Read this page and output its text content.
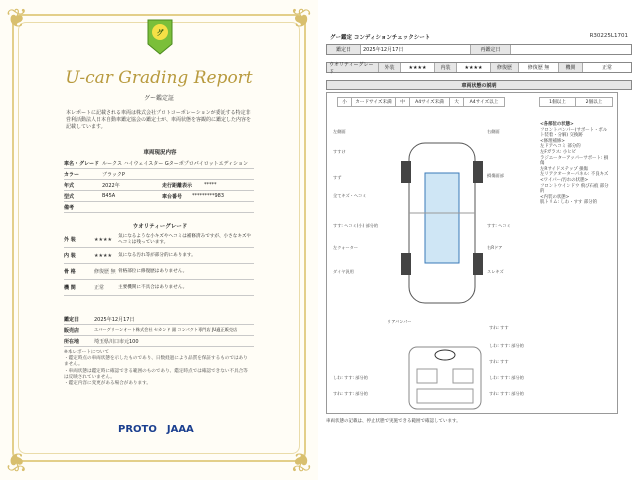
❦	❦
❦	❦
グ
U-car Grading Report
グー鑑定証
本レポートに記載される車両は株式会社プロトコーポレーションが委託する特定非営利活動法人日本自動車鑑定協会の鑑定士が、車両状態を客観的に鑑定した内容を記載しています。
車両現況内容
車名・グレード ルークス ハイウェイスター Gターボプロパイロットエディション
カラー	ブラックP
年式	2022年	走行距離表示	*****
型式	B45A	車台番号	*********983
備考
ウオリティーグレード
外 装	★★★★	気になるような小キズやヘコミは補修済みですが、小さなキズやヘコミは残っています。
内 装	★★★★	気になる汚れ等が部分的にあります。
骨 格	修復歴 無 骨格部位に修復歴はありません。
機 関	正常	主要機関に不具合はありません。
鑑定日	2025年12月17日
販売店	エバーグリーンオート株式会社 セカンド 鋸 コンパクト専門店 JU適正販売店
所在地	埼玉県川口市元100
※本レポートについて
・鑑定時点の車両状態を示したものであり、日数経過により品質を保証するものではありません。
・車両状態は鑑定時に確認できる範囲のものであり、鑑定時点では確認できない不具合等は反映されていません。
・鑑定内容に変更がある場合があります。
PROTO JAAA
グー鑑定 コンディションチェックシート	R30225L1701
鑑定日	2025年12月17日	再鑑定日
ウオリティーグレード
外装	★★★★	内装	★★★★	修復歴	修復歴 無	機関	正常
車両状態の説明
小	カードサイズ未満	中	A4サイズ未満	大	A4サイズ以上	1個以上	2個以上
左側面
すすけ
右側面
損傷面部
すず
全てキズ・ヘコミ
すす: ヘコミ(小) 部分的
左クォーター
すす: ヘコミ
右Rドア
ダイヤ汎用	スレキズ
リアバンパー
すれ: すす
しわ: すす: 部分的
すれ: すす
しわ: すす: 部分的
すれ: すす: 部分的
しわ: すす: 部分的
すれ: すす: 部分的
<各部位の状態>
フロントバンパー(サポート・ボルト装着・分解) 交換跡
<修理補修>
左ドアヘコミ 部分的
左Fガラス: 小ヒビ
ラジエーターアッパーサポート: 損傷
左Rサイドステップ 損傷
左リアクオーターパネル: 不良キズ
<ワイパー/汚れの状態>
フロントウインドウ 飛び石痕 部分的
<内装の状態>
肌トリム: しわ・すす 部分的
車両状態の記載は、停止状態で実施できる範囲で確認しています。
